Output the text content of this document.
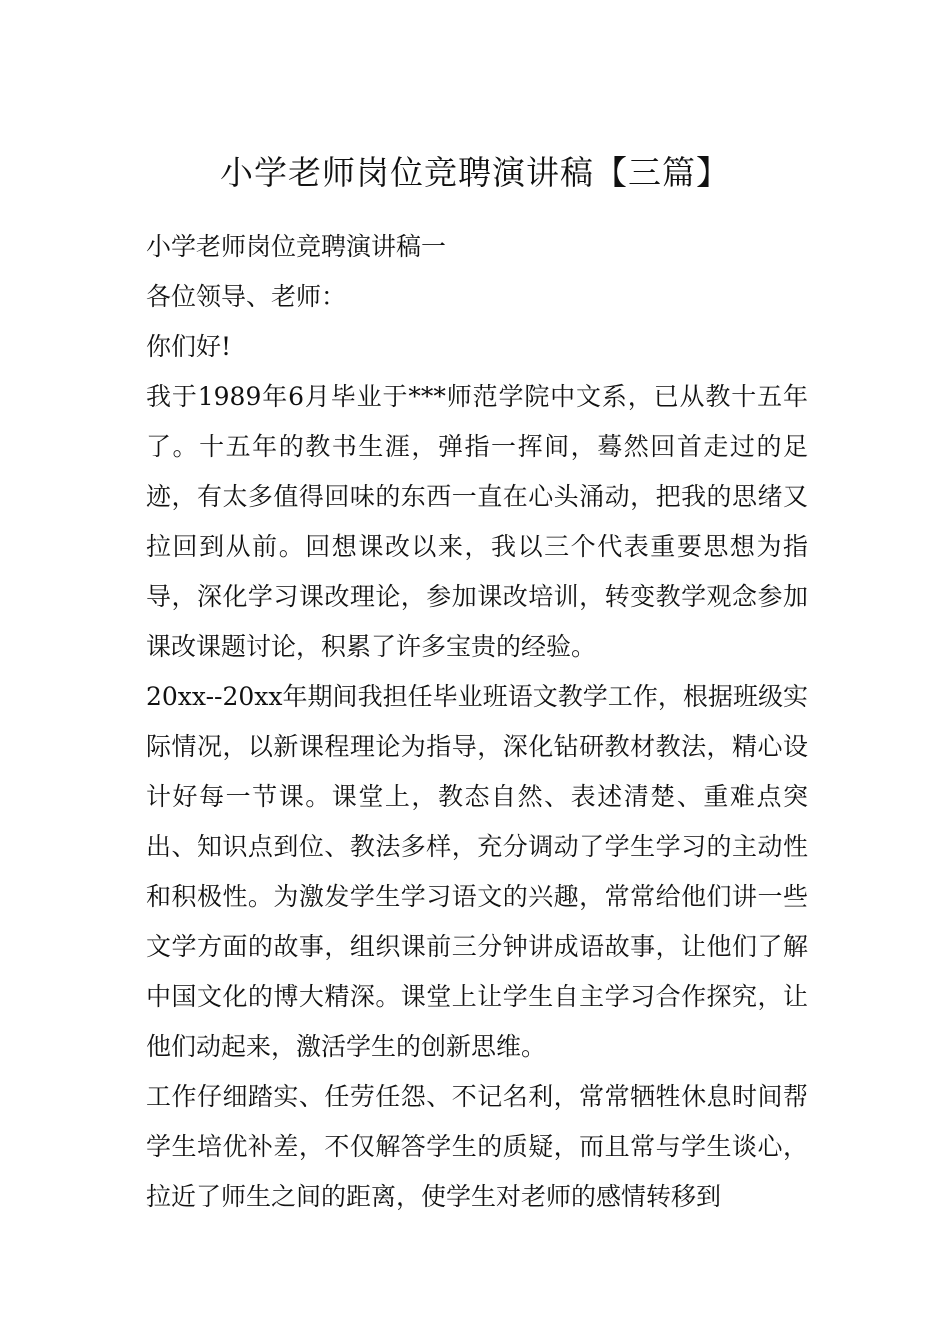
小学老师岗位竞聘演讲稿【三篇】

小学老师岗位竞聘演讲稿一

各位领导、老师：

你们好!

我于1989年6月毕业于***师范学院中文系，已从教十五年了。十五年的教书生涯，弹指一挥间，蓦然回首走过的足迹，有太多值得回味的东西一直在心头涌动，把我的思绪又拉回到从前。回想课改以来，我以三个代表重要思想为指导，深化学习课改理论，参加课改培训，转变教学观念参加课改课题讨论，积累了许多宝贵的经验。

20xx--20xx年期间我担任毕业班语文教学工作，根据班级实际情况，以新课程理论为指导，深化钻研教材教法，精心设计好每一节课。课堂上，教态自然、表述清楚、重难点突出、知识点到位、教法多样，充分调动了学生学习的主动性和积极性。为激发学生学习语文的兴趣，常常给他们讲一些文学方面的故事，组织课前三分钟讲成语故事，让他们了解中国文化的博大精深。课堂上让学生自主学习合作探究，让他们动起来，激活学生的创新思维。

工作仔细踏实、任劳任怨、不记名利，常常牺牲休息时间帮学生培优补差，不仅解答学生的质疑，而且常与学生谈心，拉近了师生之间的距离，使学生对老师的感情转移到
